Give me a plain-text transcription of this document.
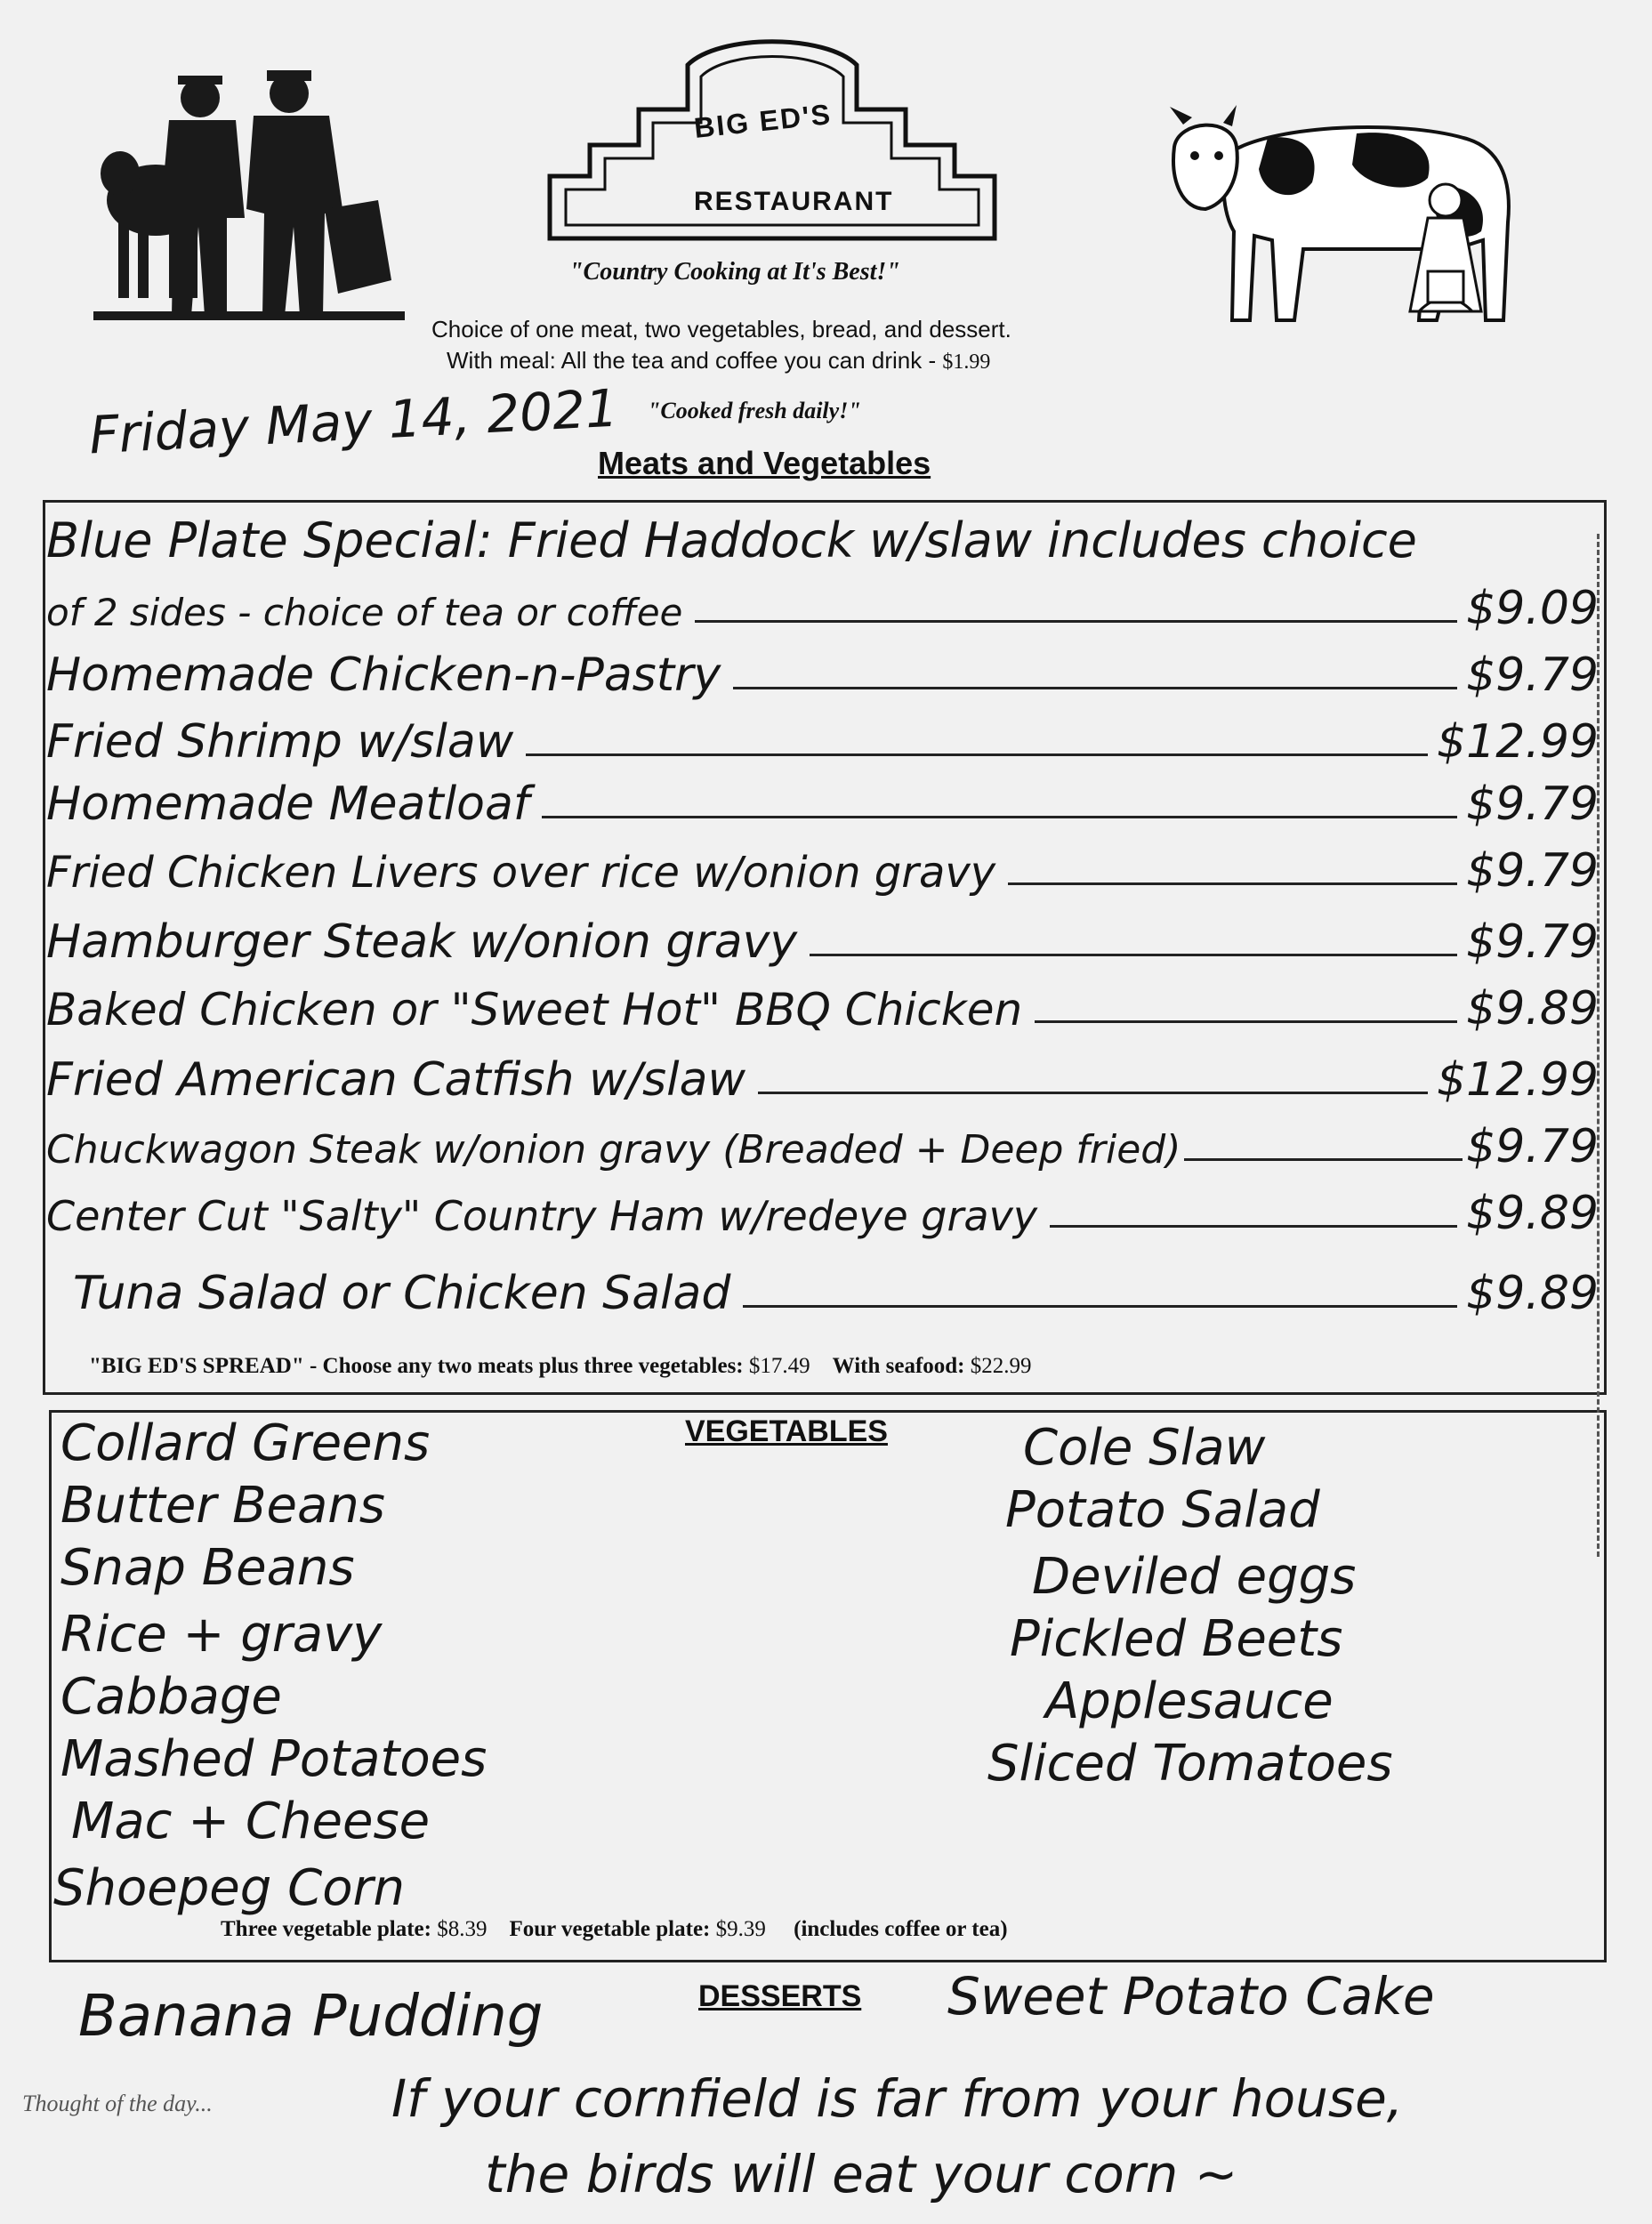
BIG ED'S
RESTAURANT
"Country Cooking at It's Best!"
Choice of one meat, two vegetables, bread, and dessert.
With meal: All the tea and coffee you can drink - $1.99
Friday May 14, 2021 "Cooked fresh daily!"
Meats and Vegetables
Blue Plate Special: Fried Haddock w/slaw includes choice
of 2 sides - choice of tea or coffee	$9.09
Homemade Chicken-n-Pastry	$9.79
Fried Shrimp w/slaw	$12.99
Homemade Meatloaf	$9.79
Fried Chicken Livers over rice w/onion gravy	$9.79
Hamburger Steak w/onion gravy	$9.79
Baked Chicken or "Sweet Hot" BBQ Chicken	$9.89
Fried American Catfish w/slaw	$12.99
Chuckwagon Steak w/onion gravy (Breaded + Deep fried)	$9.79
Center Cut "Salty" Country Ham w/redeye gravy	$9.89
Tuna Salad or Chicken Salad	$9.89
"BIG ED'S SPREAD" - Choose any two meats plus three vegetables: $17.49 With seafood: $22.99
VEGETABLES
Collard Greens
Butter Beans
Snap Beans
Rice + gravy
Cabbage
Mashed Potatoes
Mac + Cheese
Shoepeg Corn
Cole Slaw
Potato Salad
Deviled eggs
Pickled Beets
Applesauce
Sliced Tomatoes
Three vegetable plate: $8.39 Four vegetable plate: $9.39 (includes coffee or tea)
DESSERTS
Banana Pudding	Sweet Potato Cake
Thought of the day...	If your cornfield is far from your house,
the birds will eat your corn ~
